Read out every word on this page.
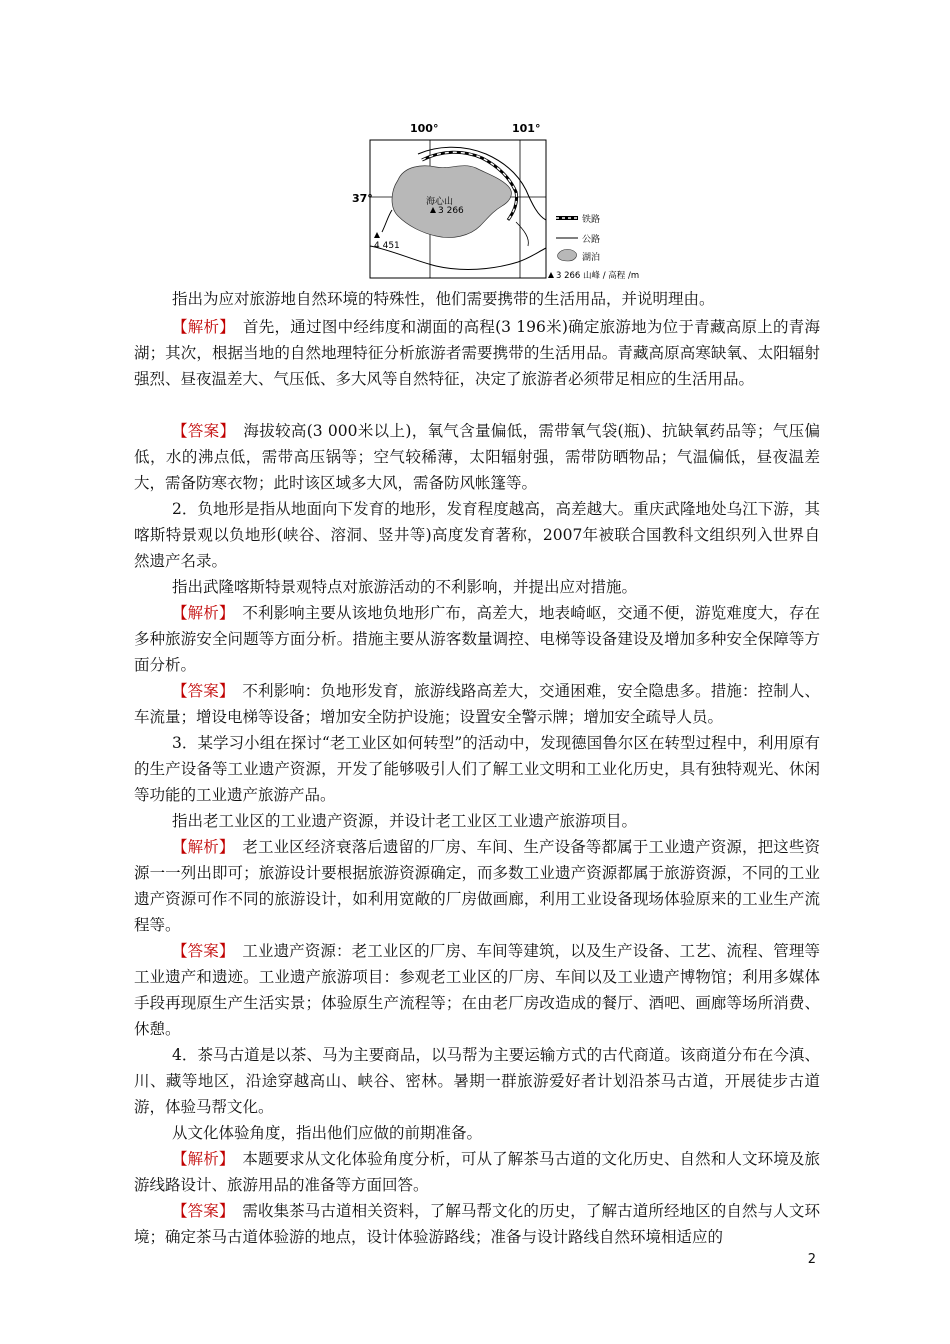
100°	101°
37°	海心山
3 266
4 451
铁路
公路
湖泊
3 266 山峰 / 高程 /m

指出为应对旅游地自然环境的特殊性，他们需要携带的生活用品，并说明理由。

【解析】　首先，通过图中经纬度和湖面的高程(3 196米)确定旅游地为位于青藏高原上的青海湖；其次，根据当地的自然地理特征分析旅游者需要携带的生活用品。青藏高原高寒缺氧、太阳辐射强烈、昼夜温差大、气压低、多大风等自然特征，决定了旅游者必须带足相应的生活用品。

【答案】　海拔较高(3 000米以上)，氧气含量偏低，需带氧气袋(瓶)、抗缺氧药品等；气压偏低，水的沸点低，需带高压锅等；空气较稀薄，太阳辐射强，需带防晒物品；气温偏低，昼夜温差大，需备防寒衣物；此时该区域多大风，需备防风帐篷等。

2．负地形是指从地面向下发育的地形，发育程度越高，高差越大。重庆武隆地处乌江下游，其喀斯特景观以负地形(峡谷、溶洞、竖井等)高度发育著称，2007年被联合国教科文组织列入世界自然遗产名录。

指出武隆喀斯特景观特点对旅游活动的不利影响，并提出应对措施。

【解析】　不利影响主要从该地负地形广布，高差大，地表崎岖，交通不便，游览难度大，存在多种旅游安全问题等方面分析。措施主要从游客数量调控、电梯等设备建设及增加多种安全保障等方面分析。

【答案】　不利影响：负地形发育，旅游线路高差大，交通困难，安全隐患多。措施：控制人、车流量；增设电梯等设备；增加安全防护设施；设置安全警示牌；增加安全疏导人员。

3．某学习小组在探讨“老工业区如何转型”的活动中，发现德国鲁尔区在转型过程中，利用原有的生产设备等工业遗产资源，开发了能够吸引人们了解工业文明和工业化历史，具有独特观光、休闲等功能的工业遗产旅游产品。

指出老工业区的工业遗产资源，并设计老工业区工业遗产旅游项目。

【解析】　老工业区经济衰落后遗留的厂房、车间、生产设备等都属于工业遗产资源，把这些资源一一列出即可；旅游设计要根据旅游资源确定，而多数工业遗产资源都属于旅游资源，不同的工业遗产资源可作不同的旅游设计，如利用宽敞的厂房做画廊，利用工业设备现场体验原来的工业生产流程等。

【答案】　工业遗产资源：老工业区的厂房、车间等建筑，以及生产设备、工艺、流程、管理等工业遗产和遗迹。工业遗产旅游项目：参观老工业区的厂房、车间以及工业遗产博物馆；利用多媒体手段再现原生产生活实景；体验原生产流程等；在由老厂房改造成的餐厅、酒吧、画廊等场所消费、休憩。

4．茶马古道是以茶、马为主要商品，以马帮为主要运输方式的古代商道。该商道分布在今滇、川、藏等地区，沿途穿越高山、峡谷、密林。暑期一群旅游爱好者计划沿茶马古道，开展徒步古道游，体验马帮文化。

从文化体验角度，指出他们应做的前期准备。

【解析】　本题要求从文化体验角度分析，可从了解茶马古道的文化历史、自然和人文环境及旅游线路设计、旅游用品的准备等方面回答。

【答案】　需收集茶马古道相关资料，了解马帮文化的历史，了解古道所经地区的自然与人文环境；确定茶马古道体验游的地点，设计体验游路线；准备与设计路线自然环境相适应的

2
